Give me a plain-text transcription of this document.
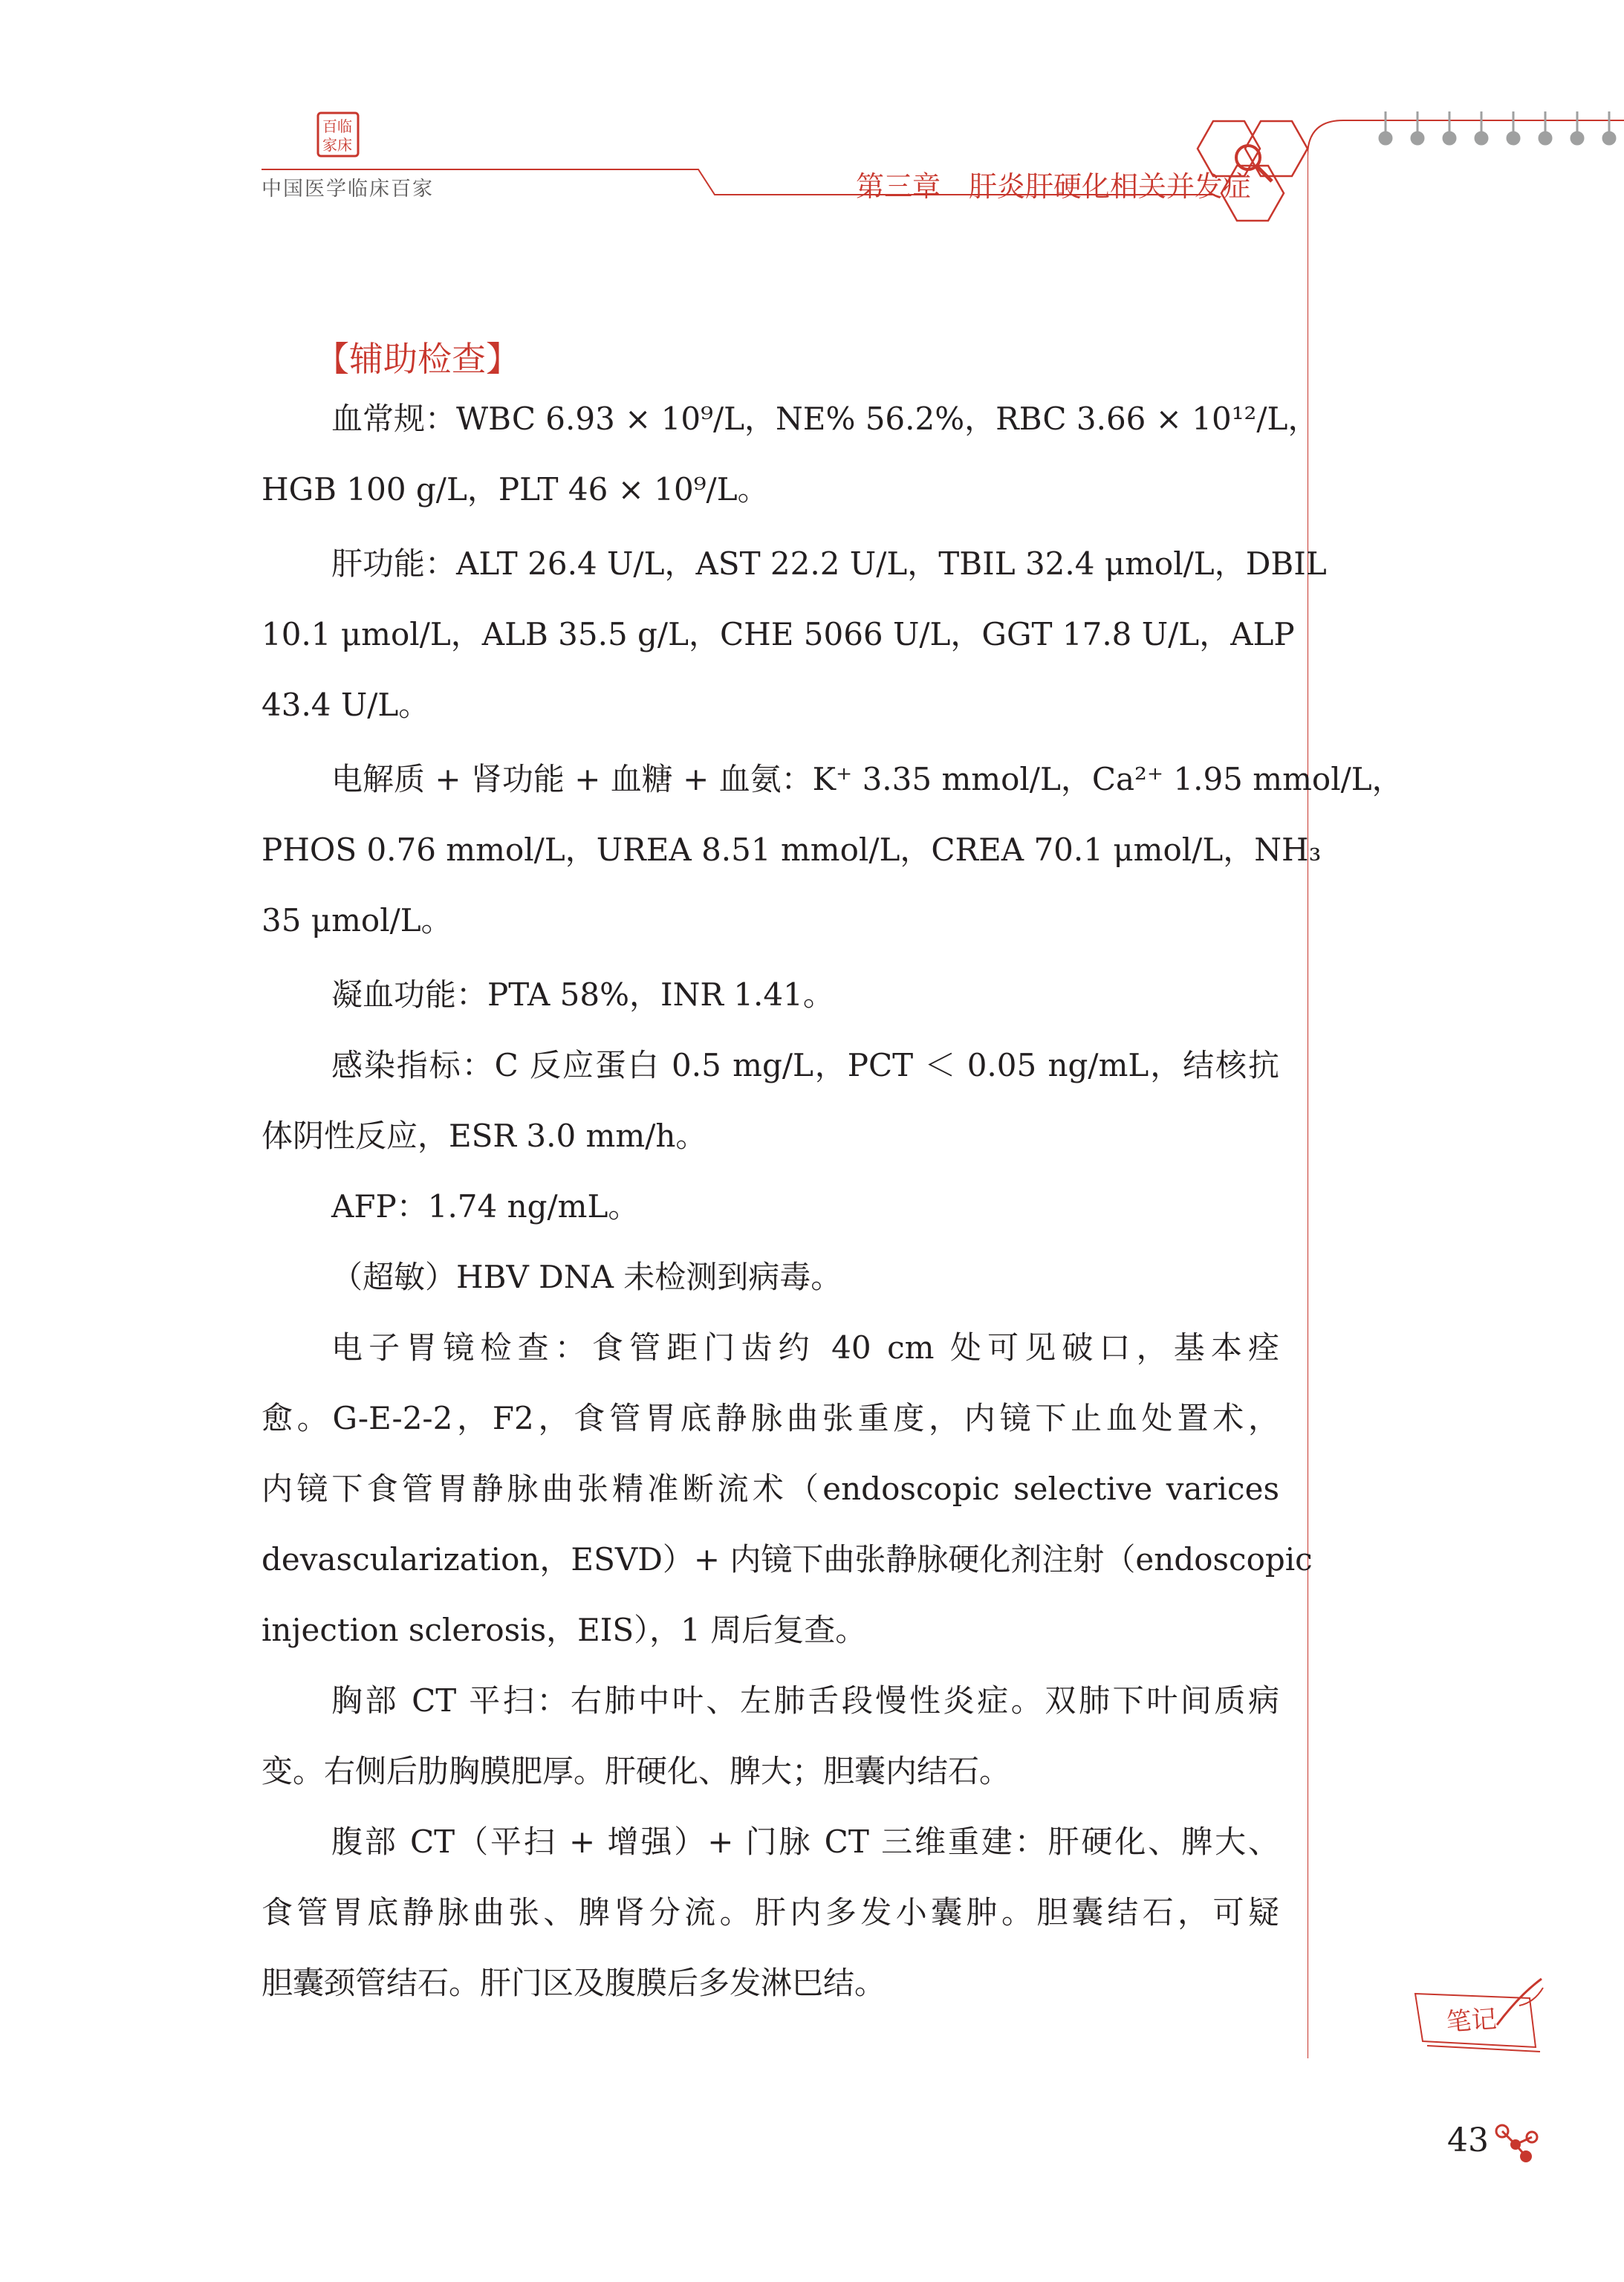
百临
家床
中国医学临床百家	第三章　肝炎肝硬化相关并发症
笔记
【辅助检查】
血常规：WBC 6.93 × 10⁹/L，NE% 56.2%，RBC 3.66 × 10¹²/L，
HGB 100 g/L，PLT 46 × 10⁹/L。
肝功能：ALT 26.4 U/L，AST 22.2 U/L，TBIL 32.4 μmol/L，DBIL
10.1 μmol/L，ALB 35.5 g/L，CHE 5066 U/L，GGT 17.8 U/L，ALP
43.4 U/L。
电解质 + 肾功能 + 血糖 + 血氨：K⁺ 3.35 mmol/L，Ca²⁺ 1.95 mmol/L，
PHOS 0.76 mmol/L，UREA 8.51 mmol/L，CREA 70.1 μmol/L，NH₃
35 μmol/L。
凝血功能：PTA 58%，INR 1.41。
感染指标：C 反应蛋白 0.5 mg/L，PCT ＜ 0.05 ng/mL，结核抗
体阴性反应，ESR 3.0 mm/h。
AFP：1.74 ng/mL。
（超敏）HBV DNA 未检测到病毒。
电子胃镜检查：食管距门齿约 40 cm 处可见破口，基本痊
愈。G-E-2-2，F2，食管胃底静脉曲张重度，内镜下止血处置术，
内镜下食管胃静脉曲张精准断流术（endoscopic selective varices
devascularization，ESVD）+ 内镜下曲张静脉硬化剂注射（endoscopic
injection sclerosis，EIS），1 周后复查。
胸部 CT 平扫：右肺中叶、左肺舌段慢性炎症。双肺下叶间质病
变。右侧后肋胸膜肥厚。肝硬化、脾大；胆囊内结石。
腹部 CT（平扫 + 增强）+ 门脉 CT 三维重建：肝硬化、脾大、
食管胃底静脉曲张、脾肾分流。肝内多发小囊肿。胆囊结石，可疑
胆囊颈管结石。肝门区及腹膜后多发淋巴结。
43
